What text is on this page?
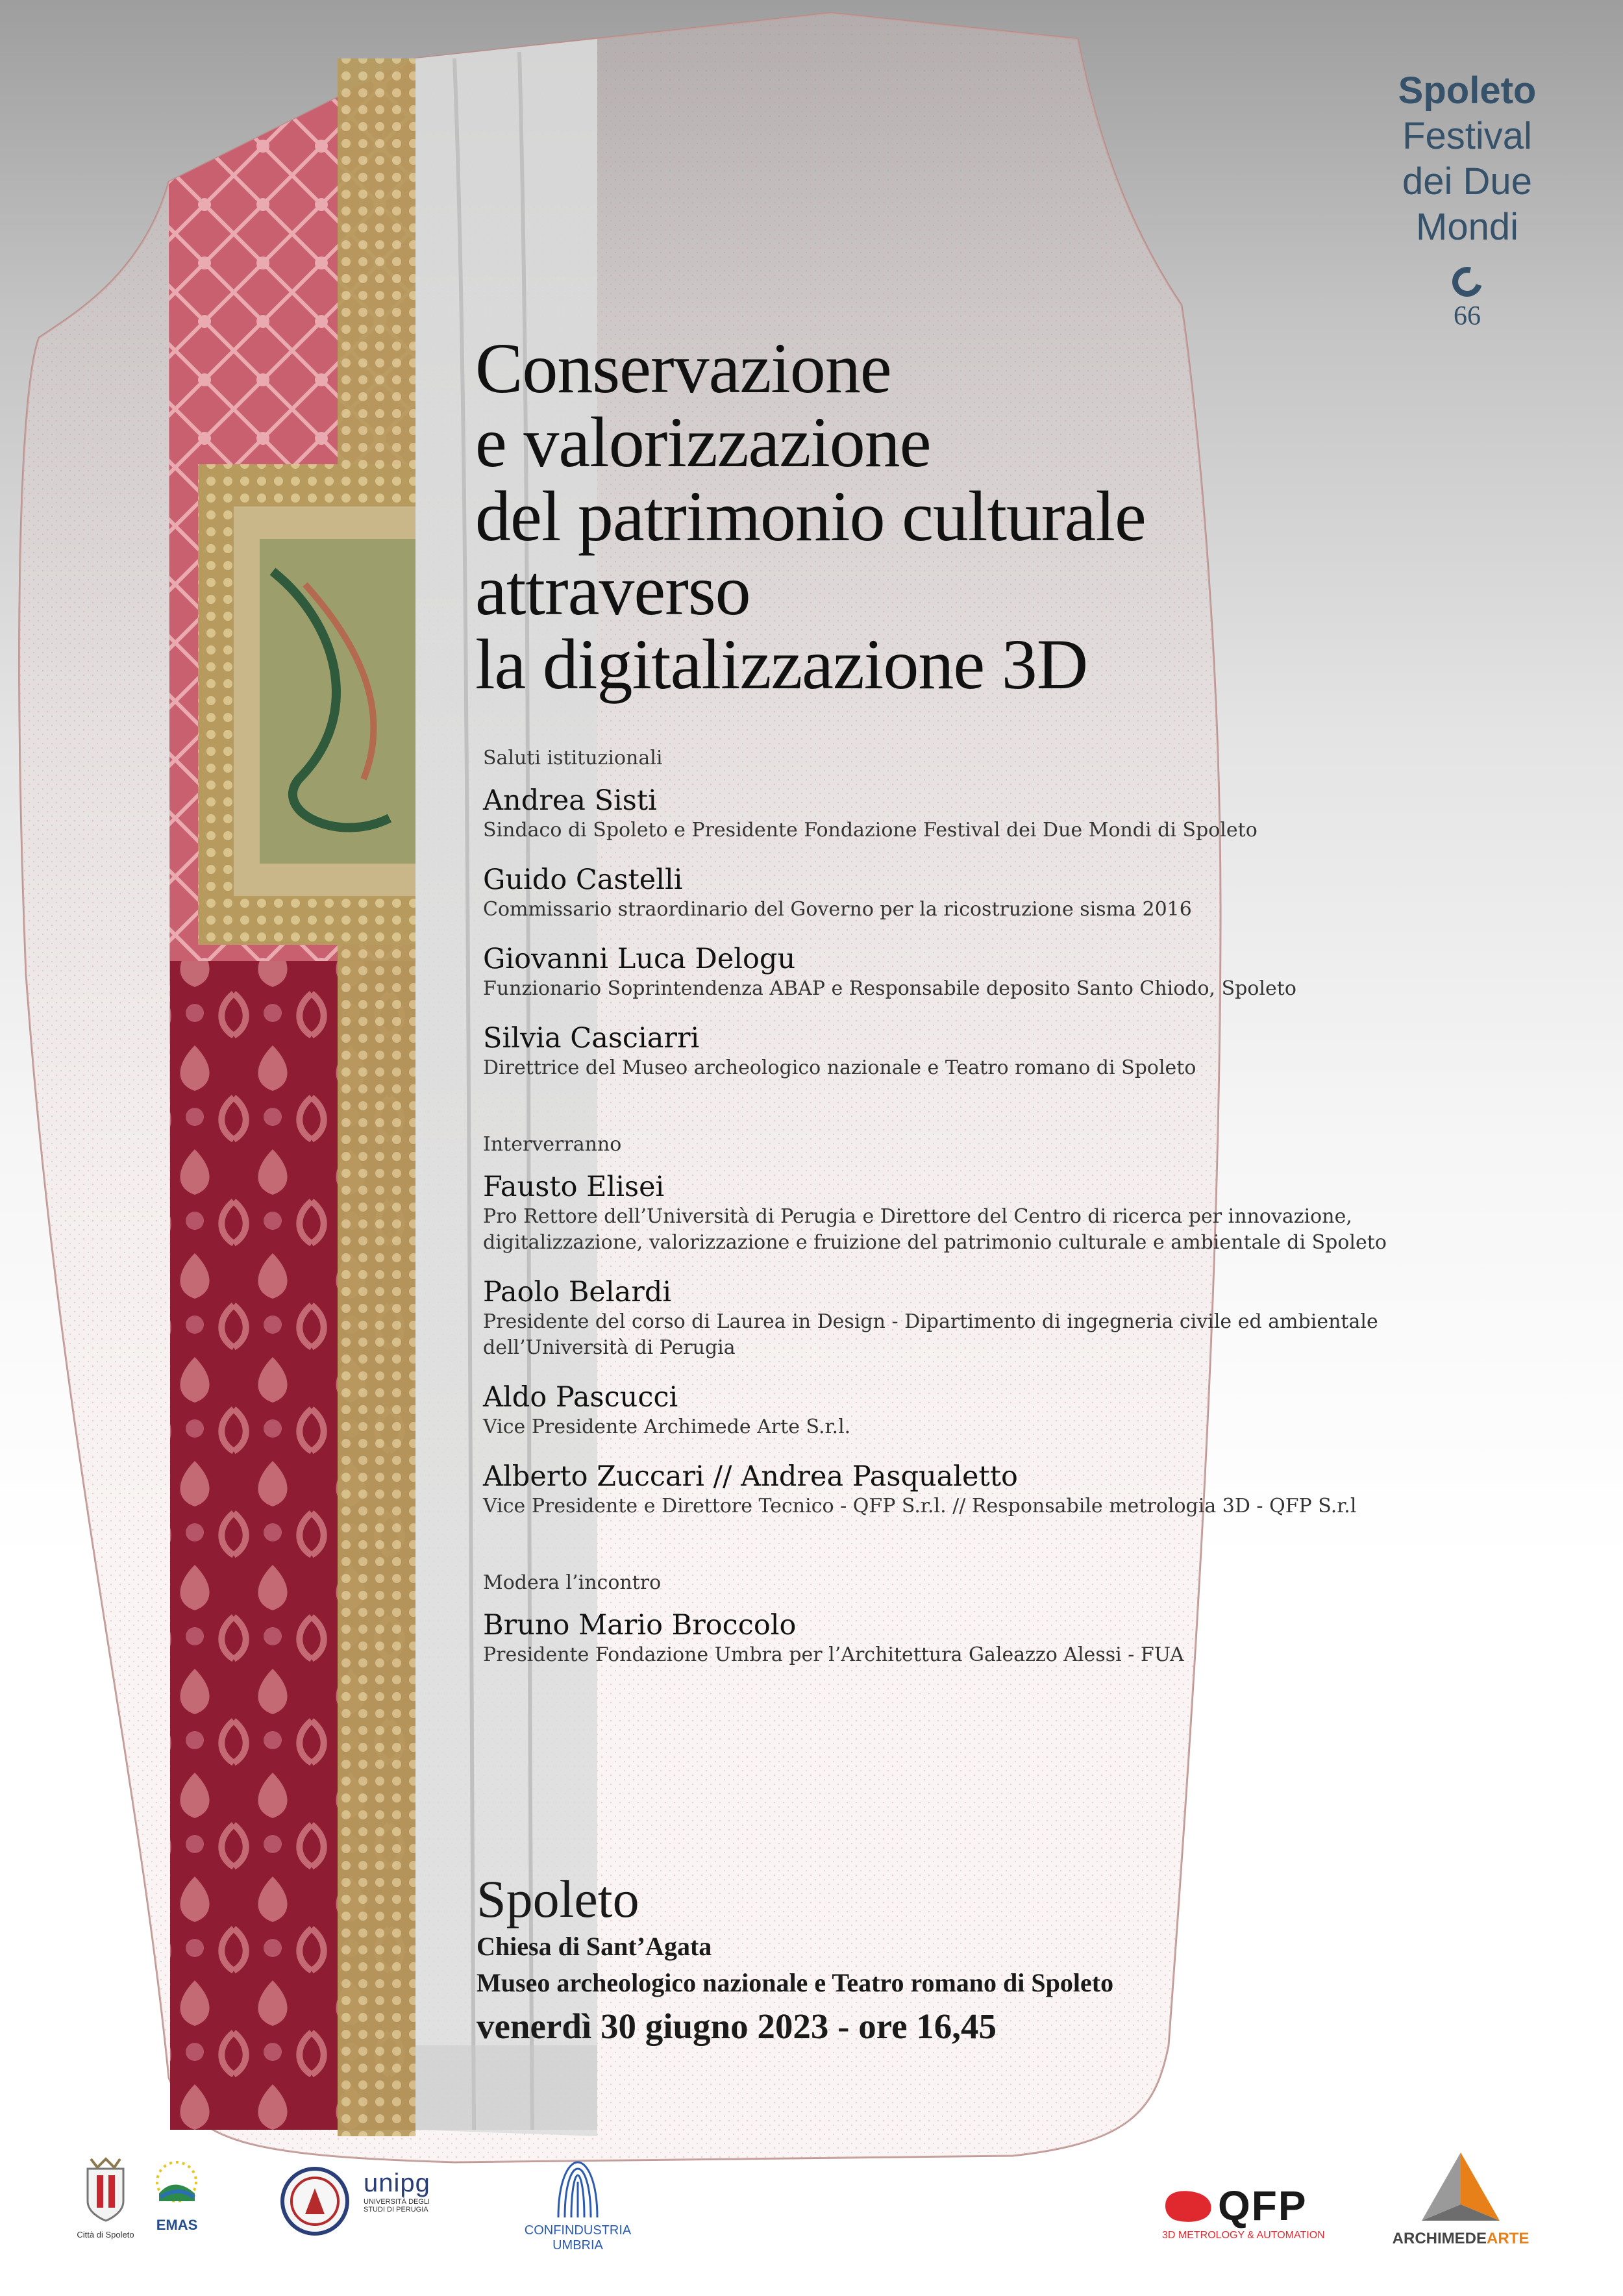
Spoleto
Festival
dei Due
Mondi
66
Conservazione
e valorizzazione
del patrimonio culturale
attraverso
la digitalizzazione 3D
Saluti istituzionali
Andrea Sisti
Sindaco di Spoleto e Presidente Fondazione Festival dei Due Mondi di Spoleto
Guido Castelli
Commissario straordinario del Governo per la ricostruzione sisma 2016
Giovanni Luca Delogu
Funzionario Soprintendenza ABAP e Responsabile deposito Santo Chiodo, Spoleto
Silvia Casciarri
Direttrice del Museo archeologico nazionale e Teatro romano di Spoleto
Interverranno
Fausto Elisei
Pro Rettore dell’Università di Perugia e Direttore del Centro di ricerca per innovazione,
digitalizzazione, valorizzazione e fruizione del patrimonio culturale e ambientale di Spoleto
Paolo Belardi
Presidente del corso di Laurea in Design - Dipartimento di ingegneria civile ed ambientale
dell’Università di Perugia
Aldo Pascucci
Vice Presidente Archimede Arte S.r.l.
Alberto Zuccari // Andrea Pasqualetto
Vice Presidente e Direttore Tecnico - QFP S.r.l. // Responsabile metrologia 3D - QFP S.r.l
Modera l’incontro
Bruno Mario Broccolo
Presidente Fondazione Umbra per l’Architettura Galeazzo Alessi - FUA
Spoleto
Chiesa di Sant’Agata
Museo archeologico nazionale e Teatro romano di Spoleto
venerdì 30 giugno 2023 - ore 16,45
Città di Spoleto
EMAS
unipg
UNIVERSITÀ DEGLI STUDI DI PERUGIA
CONFINDUSTRIA UMBRIA
QFP
3D METROLOGY & AUTOMATION	ARCHIMEDEARTE
